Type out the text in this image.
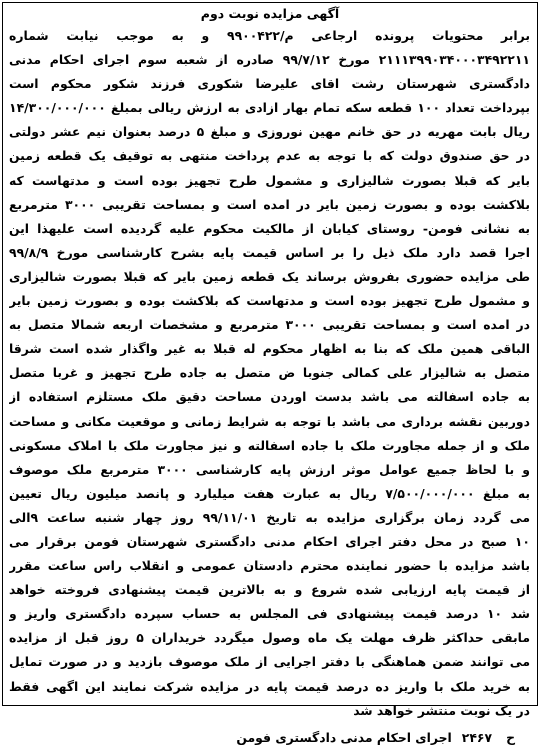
آگهی مزایده نوبت دوم
برابر محتویات پرونده ارجاعی م/۹۹۰۰۴۲۲ و به موجب نیابت شماره
۲۱۱۱۳۹۹۰۳۴۰۰۰۳۴۹۲۲۱۱ مورخ ۹۹/۷/۱۲ صادره از شعبه سوم اجرای احکام مدنی
دادگستری شهرستان رشت اقای علیرضا شکوری فرزند شکور محکوم است
بپرداخت تعداد ۱۰۰ قطعه سکه تمام بهار ازادی به ارزش ریالی بمبلغ ۱۴/۳۰۰/۰۰۰/۰۰۰
ریال بابت مهریه در حق خانم مهین نوروزی و مبلغ ۵ درصد بعنوان نیم عشر دولتی
در حق صندوق دولت که با توجه به عدم پرداخت منتهی به توقیف یک قطعه زمین
بایر که قبلا بصورت شالیزاری و مشمول طرح تجهیز بوده است و مدتهاست که
بلاکشت بوده و بصورت زمین بایر در امده است و بمساحت تقریبی ۳۰۰۰ مترمربع
به نشانی فومن- روستای کیابان از مالکیت محکوم علیه گردیده است علیهذا این
اجرا قصد دارد ملک ذیل را بر اساس قیمت پایه بشرح کارشناسی مورخ ۹۹/۸/۹
طی مزایده حضوری بفروش برساند یک قطعه زمین بایر که قبلا بصورت شالیزاری
و مشمول طرح تجهیز بوده است و مدتهاست که بلاکشت بوده و بصورت زمین بایر
در امده است و بمساحت تقریبی ۳۰۰۰ مترمربع و مشخصات اربعه شمالا متصل به
الباقی همین ملک که بنا به اظهار محکوم له قبلا به غیر واگذار شده است شرقا
متصل به شالیزار علی کمالی جنوبا ض متصل به جاده طرح تجهیز و غربا متصل
به جاده اسفالته می باشد بدست اوردن مساحت دقیق ملک مستلزم استفاده از
دوربین نقشه برداری می باشد با توجه به شرایط زمانی و موقعیت مکانی و مساحت
ملک و از جمله مجاورت ملک با جاده اسفالته و نیز مجاورت ملک با املاک مسکونی
و با لحاظ جمیع عوامل موثر ارزش پایه کارشناسی ۳۰۰۰ مترمربع ملک موصوف
به مبلغ ۷/۵۰۰/۰۰۰/۰۰۰ ریال به عبارت هفت میلیارد و پانصد میلیون ریال تعیین
می گردد زمان برگزاری مزایده به تاریخ ۹۹/۱۱/۰۱ روز چهار شنبه ساعت ۹الی
۱۰ صبح در محل دفتر اجرای احکام مدنی دادگستری شهرستان فومن برقرار می
باشد مزایده با حضور نماینده محترم دادستان عمومی و انقلاب راس ساعت مقرر
از قیمت پایه ارزیابی شده شروع و به بالاترین قیمت پیشنهادی فروخته خواهد
شد ۱۰ درصد قیمت پیشنهادی فی المجلس به حساب سپرده دادگستری واریز و
مابقی حداکثر ظرف مهلت یک ماه وصول میگردد خریداران ۵ روز قبل از مزایده
می توانند ضمن هماهنگی با دفتر اجرایی از ملک موصوف بازدید و در صورت تمایل
به خرید ملک با واریز ده درصد قیمت پایه در مزایده شرکت نمایند این اگهی فقط
در یک نوبت منتشر خواهد شد
ح
۲۴۶۷
اجرای احکام مدنی دادگستری فومن
